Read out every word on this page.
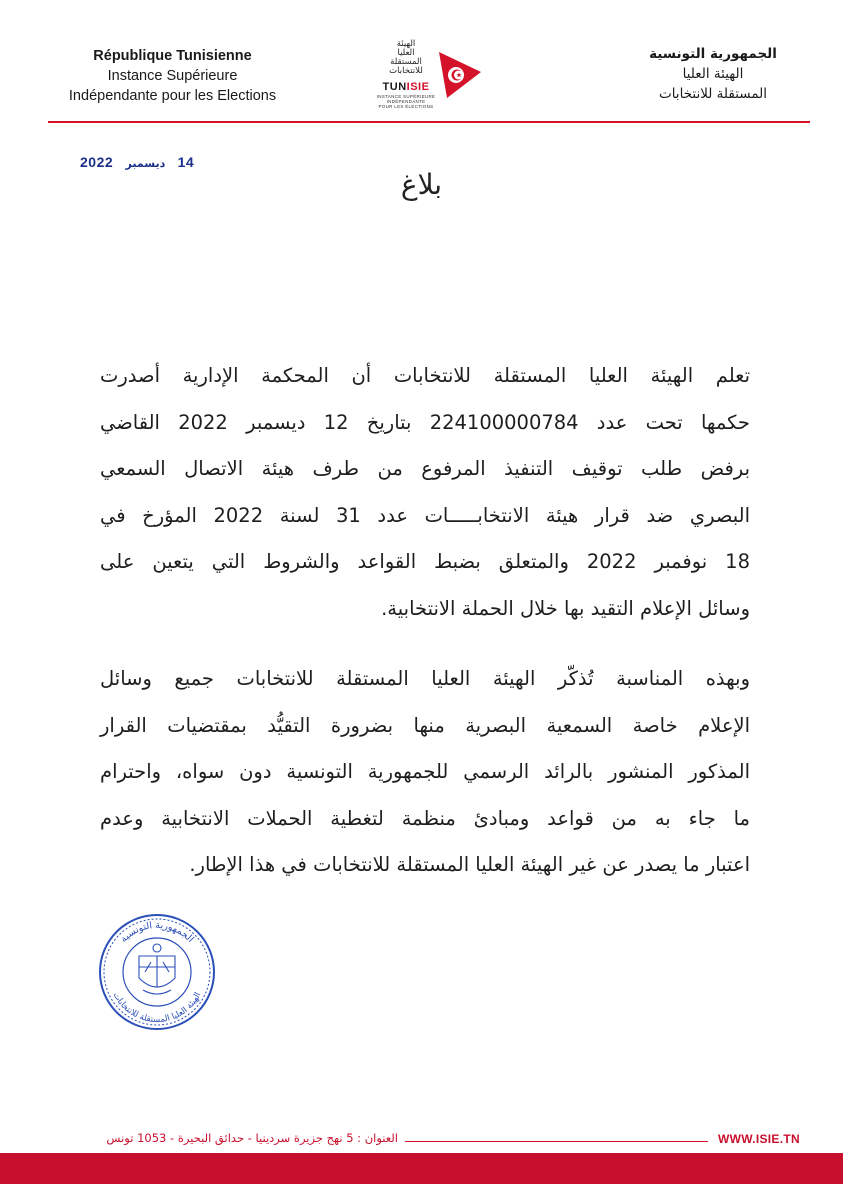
République Tunisienne
Instance Supérieure
Indépendante pour les Elections
الهيئة
العليا
المستقلة
للانتخابات
TUNISIE
INSTANCE SUPÉRIEURE
INDÉPENDANTE
POUR LES ÉLECTIONS
الجمهورية التونسية
الهيئة العليا
المستقلة للانتخابات
2022 ديسمبر 14
بلاغ
تعلم الهيئة العليا المستقلة للانتخابات أن المحكمة الإدارية أصدرت
حكمها تحت عدد 224100000784 بتاريخ 12 ديسمبر 2022 القاضي
برفض طلب توقيف التنفيذ المرفوع من طرف هيئة الاتصال السمعي
البصري ضد قرار هيئة الانتخابـــــات عدد 31 لسنة 2022 المؤرخ في
18 نوفمبر 2022 والمتعلق بضبط القواعد والشروط التي يتعين على
وسائل الإعلام التقيد بها خلال الحملة الانتخابية.
وبهذه المناسبة تُذكّر الهيئة العليا المستقلة للانتخابات جميع وسائل
الإعلام خاصة السمعية البصرية منها بضرورة التقيُّد بمقتضيات القرار
المذكور المنشور بالرائد الرسمي للجمهورية التونسية دون سواه، واحترام
ما جاء به من قواعد ومبادئ منظمة لتغطية الحملات الانتخابية وعدم
اعتبار ما يصدر عن غير الهيئة العليا المستقلة للانتخابات في هذا الإطار.
الجمهورية التونسية
الهيئة العليا المستقلة للانتخابات
العنوان : 5 نهج جزيرة سردينيا - حدائق البحيرة - 1053 تونس	WWW.ISIE.TN
